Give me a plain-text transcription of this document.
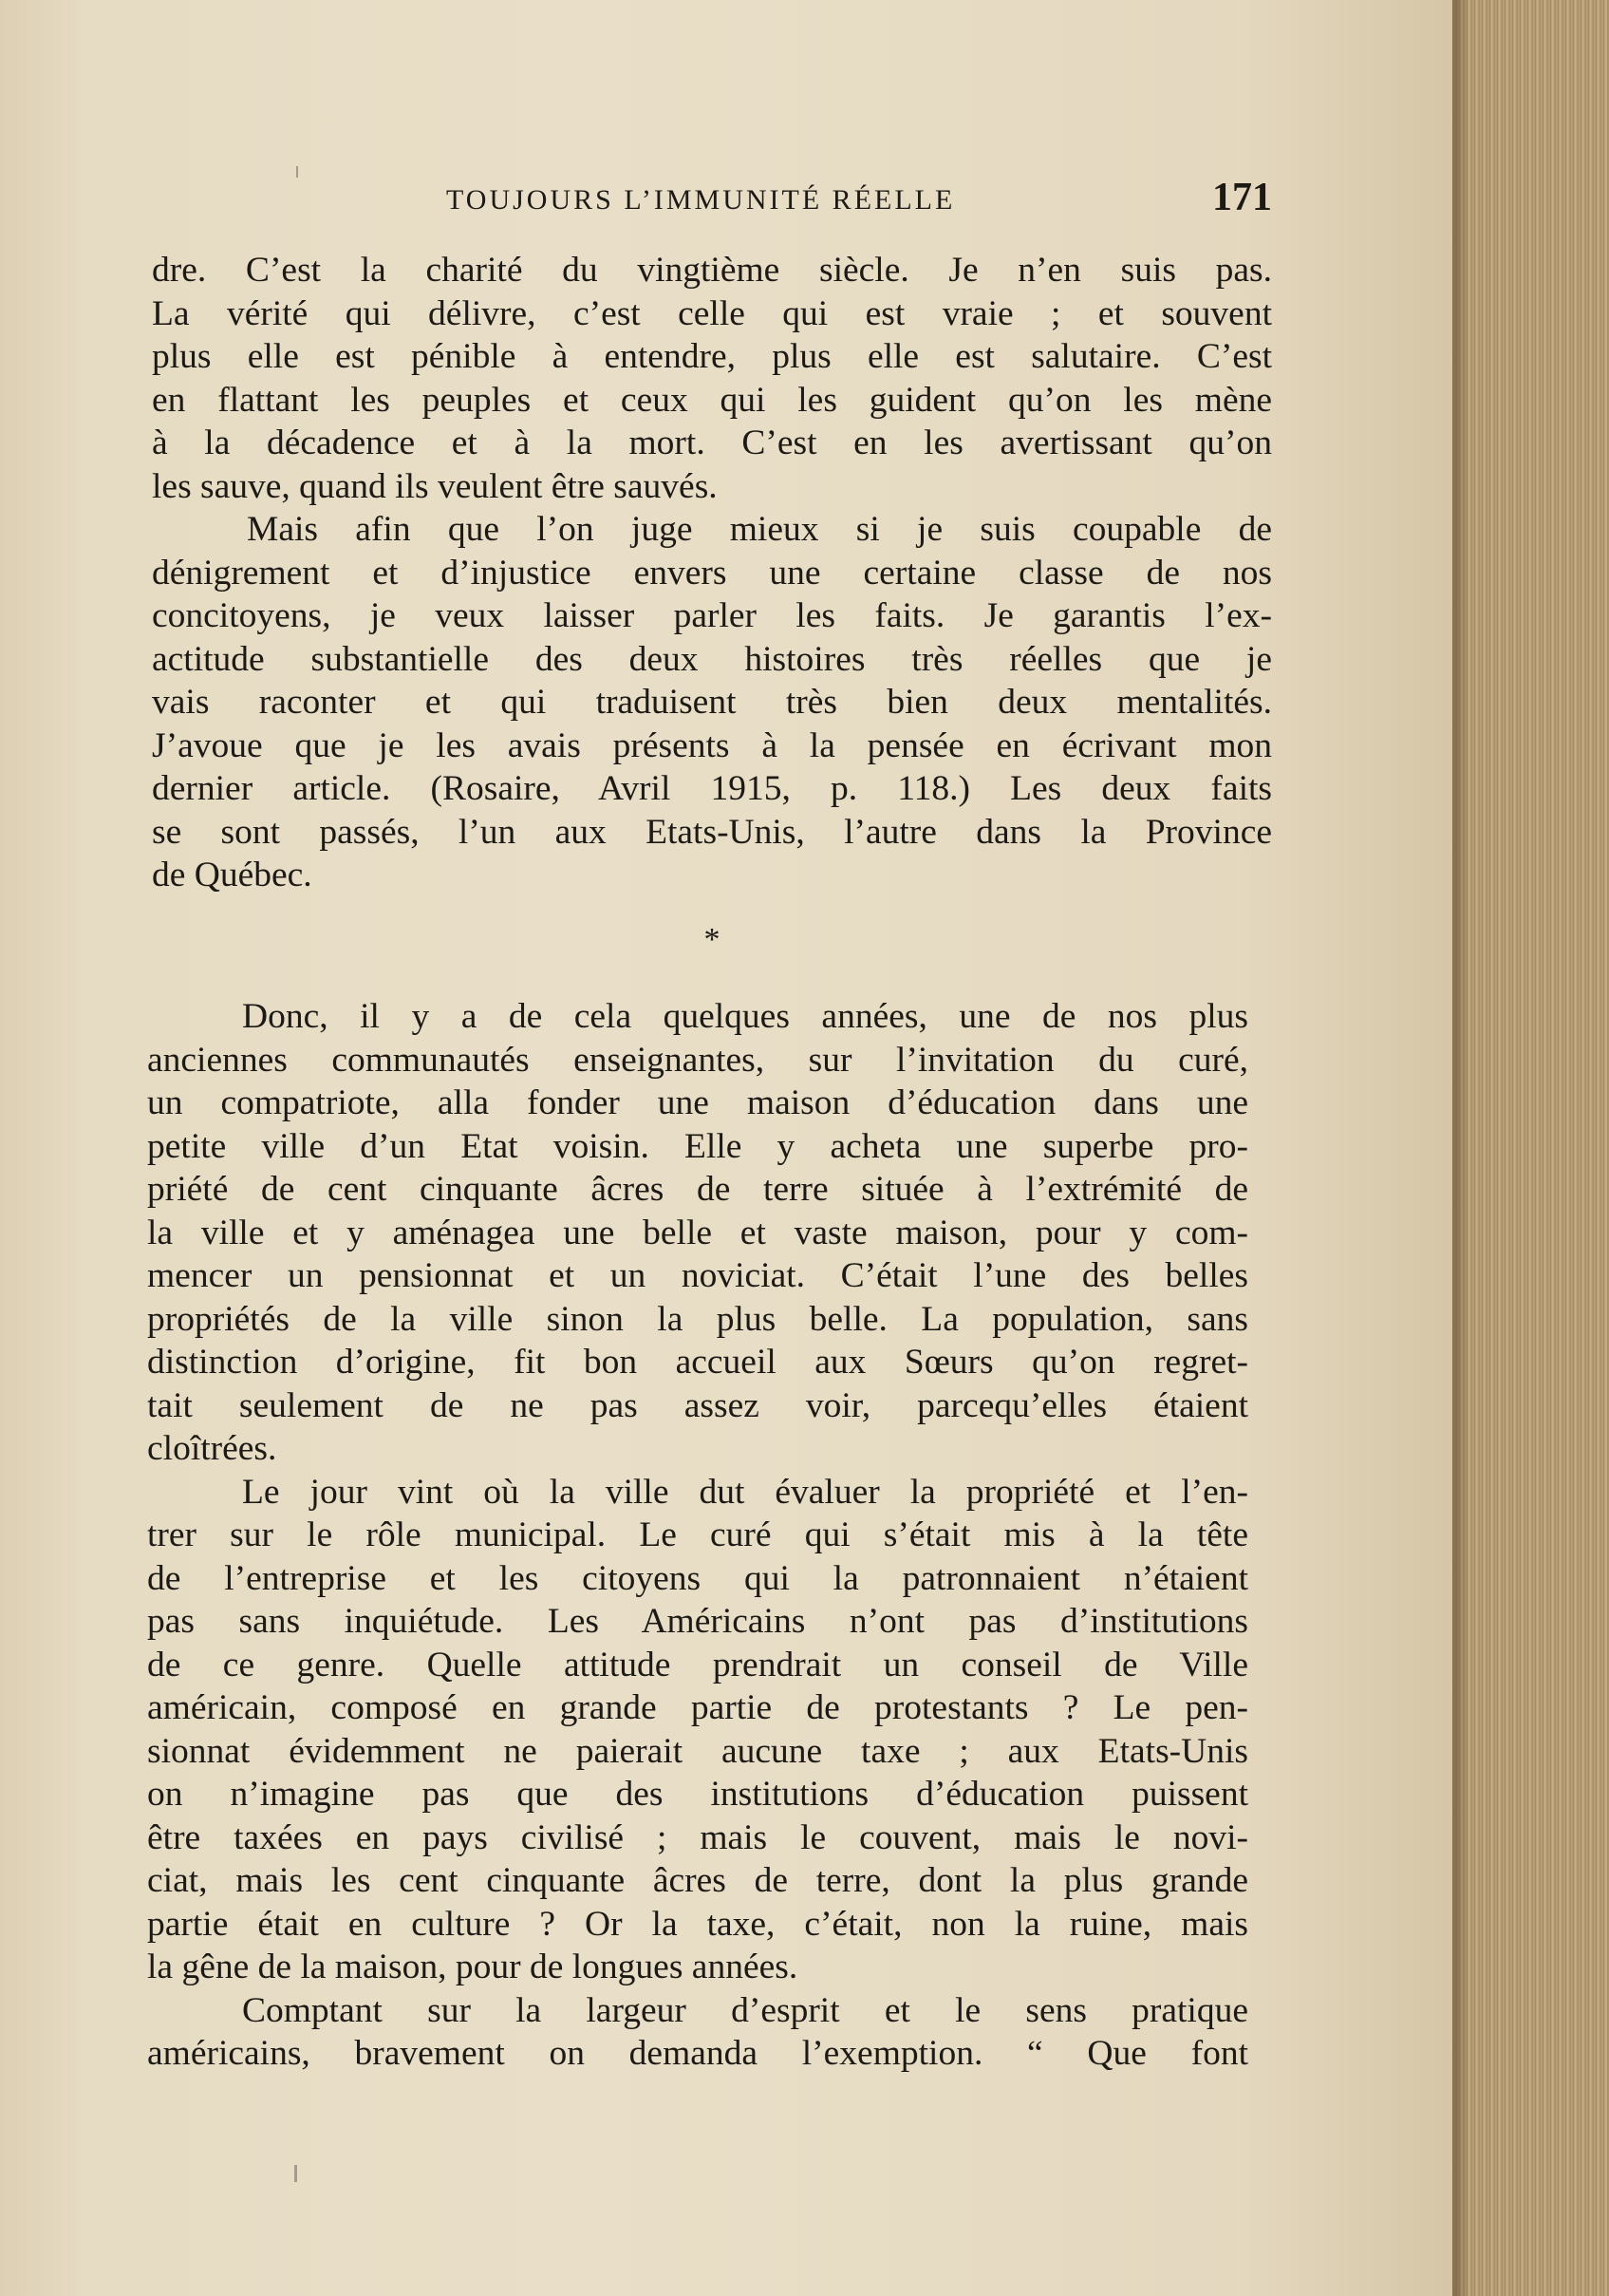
TOUJOURS L’IMMUNITÉ RÉELLE	171

dre. C’est la charité du vingtième siècle. Je n’en suis pas.
La vérité qui délivre, c’est celle qui est vraie ; et souvent
plus elle est pénible à entendre, plus elle est salutaire. C’est
en flattant les peuples et ceux qui les guident qu’on les mène
à la décadence et à la mort. C’est en les avertissant qu’on
les sauve, quand ils veulent être sauvés.

Mais afin que l’on juge mieux si je suis coupable de
dénigrement et d’injustice envers une certaine classe de nos
concitoyens, je veux laisser parler les faits. Je garantis l’ex-
actitude substantielle des deux histoires très réelles que je
vais raconter et qui traduisent très bien deux mentalités.
J’avoue que je les avais présents à la pensée en écrivant mon
dernier article. (Rosaire, Avril 1915, p. 118.) Les deux faits
se sont passés, l’un aux Etats-Unis, l’autre dans la Province
de Québec.

*

Donc, il y a de cela quelques années, une de nos plus
anciennes communautés enseignantes, sur l’invitation du curé,
un compatriote, alla fonder une maison d’éducation dans une
petite ville d’un Etat voisin. Elle y acheta une superbe pro-
priété de cent cinquante âcres de terre située à l’extrémité de
la ville et y aménagea une belle et vaste maison, pour y com-
mencer un pensionnat et un noviciat. C’était l’une des belles
propriétés de la ville sinon la plus belle. La population, sans
distinction d’origine, fit bon accueil aux Sœurs qu’on regret-
tait seulement de ne pas assez voir, parcequ’elles étaient
cloîtrées.

Le jour vint où la ville dut évaluer la propriété et l’en-
trer sur le rôle municipal. Le curé qui s’était mis à la tête
de l’entreprise et les citoyens qui la patronnaient n’étaient
pas sans inquiétude. Les Américains n’ont pas d’institutions
de ce genre. Quelle attitude prendrait un conseil de Ville
américain, composé en grande partie de protestants ? Le pen-
sionnat évidemment ne paierait aucune taxe ; aux Etats-Unis
on n’imagine pas que des institutions d’éducation puissent
être taxées en pays civilisé ; mais le couvent, mais le novi-
ciat, mais les cent cinquante âcres de terre, dont la plus grande
partie était en culture ? Or la taxe, c’était, non la ruine, mais
la gêne de la maison, pour de longues années.

Comptant sur la largeur d’esprit et le sens pratique
américains, bravement on demanda l’exemption. “ Que font
